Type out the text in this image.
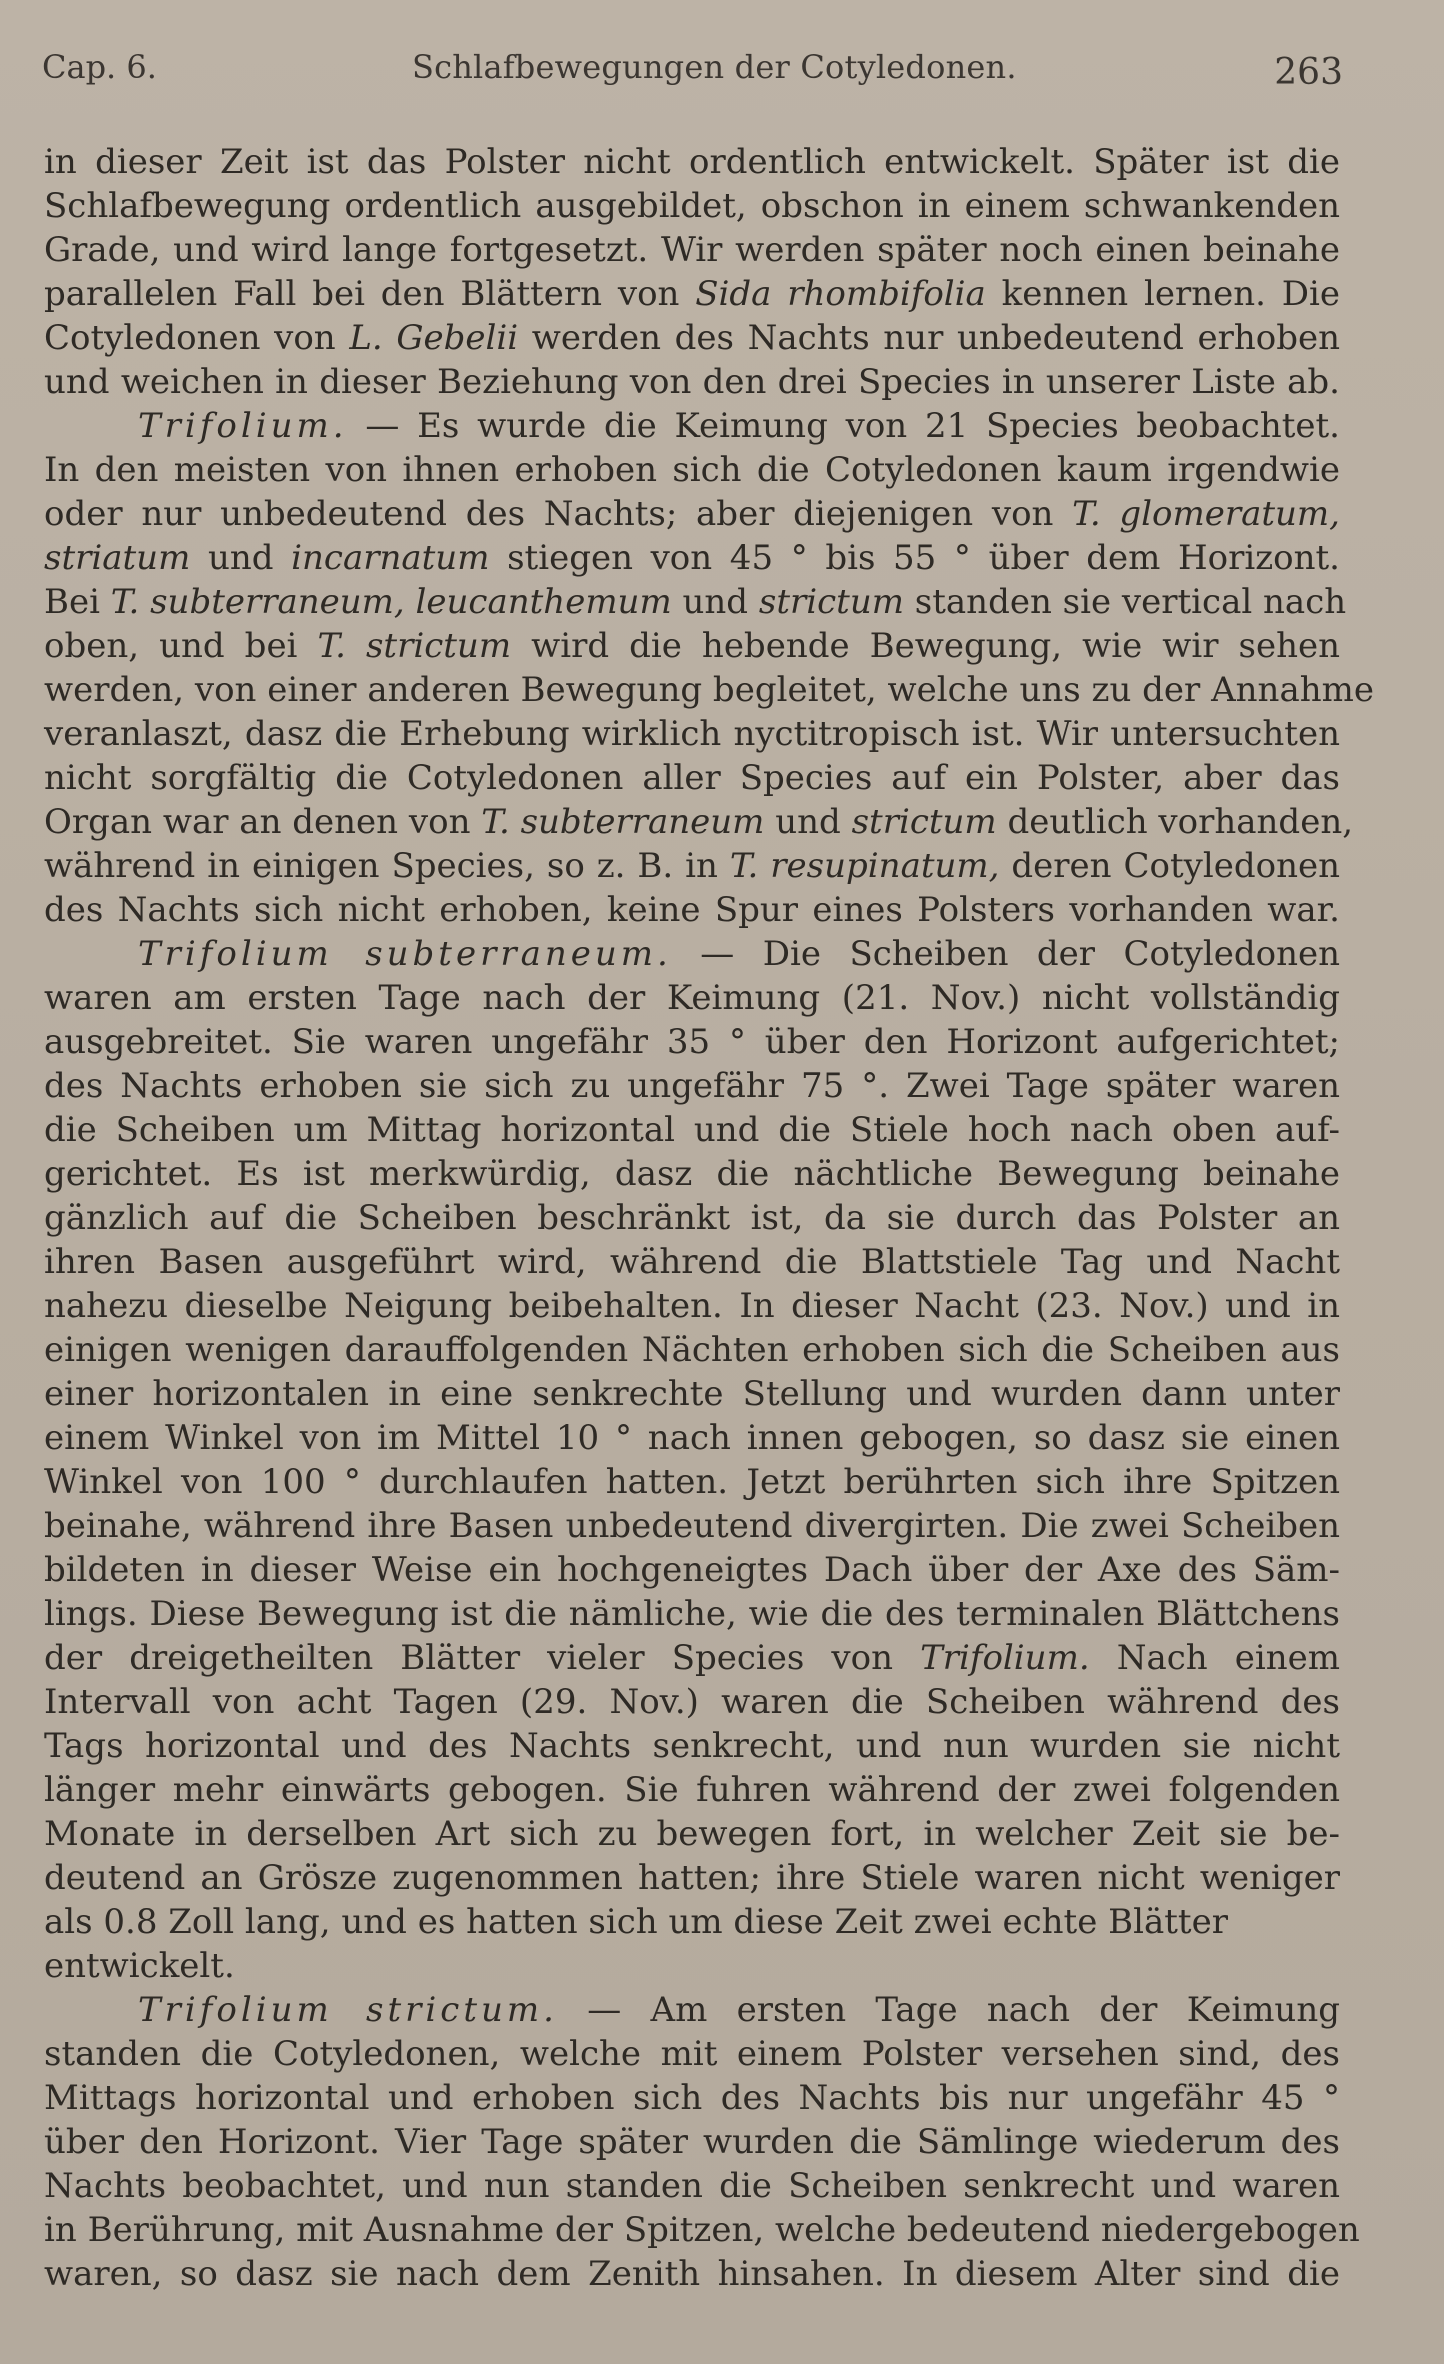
Cap. 6.	Schlafbewegungen der Cotyledonen.	263
in dieser Zeit ist das Polster nicht ordentlich entwickelt. Später ist die
Schlafbewegung ordentlich ausgebildet, obschon in einem schwankenden
Grade, und wird lange fortgesetzt. Wir werden später noch einen beinahe
parallelen Fall bei den Blättern von Sida rhombifolia kennen lernen. Die
Cotyledonen von L. Gebelii werden des Nachts nur unbedeutend erhoben
und weichen in dieser Beziehung von den drei Species in unserer Liste ab.
Trifolium. — Es wurde die Keimung von 21 Species beobachtet.
In den meisten von ihnen erhoben sich die Cotyledonen kaum irgendwie
oder nur unbedeutend des Nachts; aber diejenigen von T. glomeratum,
striatum und incarnatum stiegen von 45 ° bis 55 ° über dem Horizont.
Bei T. subterraneum, leucanthemum und strictum standen sie vertical nach
oben, und bei T. strictum wird die hebende Bewegung, wie wir sehen
werden, von einer anderen Bewegung begleitet, welche uns zu der Annahme
veranlaszt, dasz die Erhebung wirklich nyctitropisch ist. Wir untersuchten
nicht sorgfältig die Cotyledonen aller Species auf ein Polster, aber das
Organ war an denen von T. subterraneum und strictum deutlich vorhanden,
während in einigen Species, so z. B. in T. resupinatum, deren Cotyledonen
des Nachts sich nicht erhoben, keine Spur eines Polsters vorhanden war.
Trifolium subterraneum. — Die Scheiben der Cotyledonen
waren am ersten Tage nach der Keimung (21. Nov.) nicht vollständig
ausgebreitet. Sie waren ungefähr 35 ° über den Horizont aufgerichtet;
des Nachts erhoben sie sich zu ungefähr 75 °. Zwei Tage später waren
die Scheiben um Mittag horizontal und die Stiele hoch nach oben auf-
gerichtet. Es ist merkwürdig, dasz die nächtliche Bewegung beinahe
gänzlich auf die Scheiben beschränkt ist, da sie durch das Polster an
ihren Basen ausgeführt wird, während die Blattstiele Tag und Nacht
nahezu dieselbe Neigung beibehalten. In dieser Nacht (23. Nov.) und in
einigen wenigen darauffolgenden Nächten erhoben sich die Scheiben aus
einer horizontalen in eine senkrechte Stellung und wurden dann unter
einem Winkel von im Mittel 10 ° nach innen gebogen, so dasz sie einen
Winkel von 100 ° durchlaufen hatten. Jetzt berührten sich ihre Spitzen
beinahe, während ihre Basen unbedeutend divergirten. Die zwei Scheiben
bildeten in dieser Weise ein hochgeneigtes Dach über der Axe des Säm-
lings. Diese Bewegung ist die nämliche, wie die des terminalen Blättchens
der dreigetheilten Blätter vieler Species von Trifolium. Nach einem
Intervall von acht Tagen (29. Nov.) waren die Scheiben während des
Tags horizontal und des Nachts senkrecht, und nun wurden sie nicht
länger mehr einwärts gebogen. Sie fuhren während der zwei folgenden
Monate in derselben Art sich zu bewegen fort, in welcher Zeit sie be-
deutend an Grösze zugenommen hatten; ihre Stiele waren nicht weniger
als 0.8 Zoll lang, und es hatten sich um diese Zeit zwei echte Blätter
entwickelt.
Trifolium strictum. — Am ersten Tage nach der Keimung
standen die Cotyledonen, welche mit einem Polster versehen sind, des
Mittags horizontal und erhoben sich des Nachts bis nur ungefähr 45 °
über den Horizont. Vier Tage später wurden die Sämlinge wiederum des
Nachts beobachtet, und nun standen die Scheiben senkrecht und waren
in Berührung, mit Ausnahme der Spitzen, welche bedeutend niedergebogen
waren, so dasz sie nach dem Zenith hinsahen. In diesem Alter sind die
